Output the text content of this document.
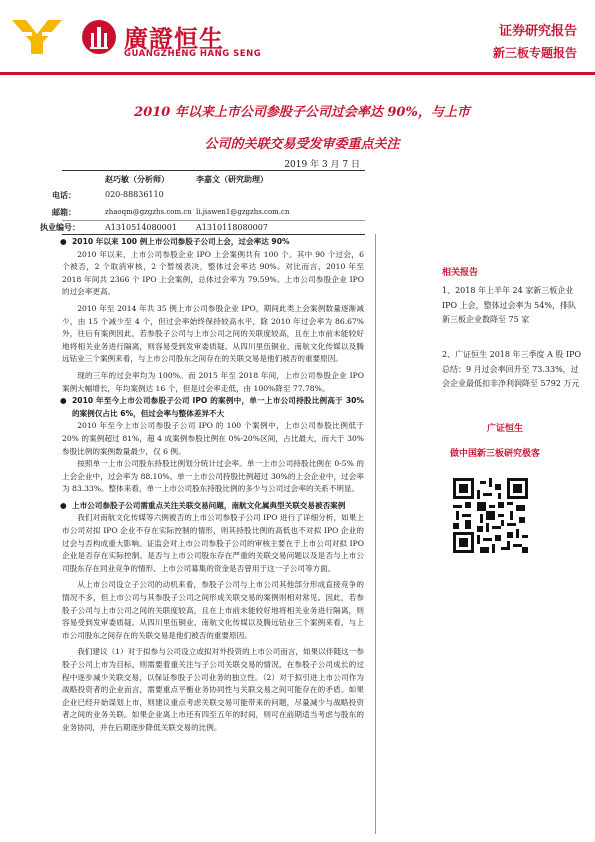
廣證恒生
GUANGZHENG HANG SENG
证券研究报告
新三板专题报告
2010 年以来上市公司参股子公司过会率达 90%，与上市
公司的关联交易受发审委重点关注
2019 年 3 月 7 日
赵巧敏（分析师）	李嘉文（研究助理）
电话：	020-88836110
邮箱：	zhaoqm@gzgzhs.com.cn li.jiawen1@gzgzhs.com.cn
执业编号：	A1310514080001 A1310118080007

● 2010 年以来 100 例上市公司参股子公司上会，过会率达 90%

2010 年以来，上市公司参股企业 IPO 上会案例共有 100 个。其中 90 个过会，6 个被否，2 个取消审核，2 个暂缓表决，整体过会率达 90%。对比而言，2010 年至 2018 年间共 2366 个 IPO 上会案例，总体过会率为 79.59%。上市公司参股企业 IPO 的过会率更高。

2010 年至 2014 年共 35 例上市公司参股企业 IPO，期间此类上会案例数量逐渐减少，由 15 个减少至 4 个，但过会率始终保持较高水平，除 2010 年过会率为 86.67%外，往后有案例因此，若参股子公司与上市公司之间的关联度较高，且在上市前未能较好地将相关业务进行隔离，则容易受到发审委质疑。从四川里伍铜业、南航文化传媒以及腾远钴业三个案例来看，与上市公司股东之间存在的关联交易是他们被否的重要原因。

现的三年的过会率均为 100%。而 2015 年至 2018 年间，上市公司参股企业 IPO 案例大幅增长，年均案例达 16 个，但是过会率走低，由 100%降至 77.78%。

● 2010 年至今上市公司参股子公司 IPO 的案例中，单一上市公司持股比例高于 30% 的案例仅占比 6%，但过会率与整体差异不大

2010 年至今上市公司参股子公司 IPO 的 100 个案例中，上市公司参股比例低于 20% 的案例超过 81%，超 4 成案例参股比例在 0%-20%区间，占比最大，而大于 30%参股比例的案例数量最少，仅 6 例。

按照单一上市公司股东持股比例划分统计过会率。单一上市公司持股比例在 0-5% 的上会企业中，过会率为 88.10%。单一上市公司持股比例超过 30%的上会企业中，过会率为 83.33%。整体来看，单一上市公司股东持股比例的多少与公司过会率的关系不明显。

● 上市公司参股子公司需重点关注关联交易问题，南航文化属典型关联交易被否案例

我们对南航文化传媒等六例被否的上市公司参股子公司 IPO 进行了详细分析，如果上市公司对拟 IPO 企业不存在实际控制的情形，则其持股比例的高低也不对拟 IPO 企业的过会与否构成重大影响。证监会对上市公司参股子公司的审核主要在于上市公司对拟 IPO 企业是否存在实际控制、是否与上市公司股东存在严重的关联交易问题以及是否与上市公司股东存在同业竞争的情形、上市公司募集的资金是否曾用于这一子公司等方面。

从上市公司设立子公司的动机来看，参股子公司与上市公司其他部分形成直接竞争的情况不多，但上市公司与其参股子公司之间形成关联交易的案例则相对常见。因此，若参股子公司与上市公司之间的关联度较高，且在上市前未能较好地将相关业务进行隔离，则容易受到发审委质疑。从四川里伍铜业、南航文化传媒以及腾远钴业三个案例来看，与上市公司股东之间存在的关联交易是他们被否的重要原因。

我们建议（1）对于拟参与公司设立或拟对外投资的上市公司而言，如果以伴随这一参股子公司上市为目标，则需要着重关注与子公司关联交易的情况，在参股子公司成长的过程中逐步减少关联交易，以保证参股子公司业务的独立性。（2）对于拟引进上市公司作为战略投资者的企业而言，需要重点平衡业务协同性与关联交易之间可能存在的矛盾。如果企业已经开始谋划上市，则建议重点考虑关联交易可能带来的问题，尽量减少与战略投资者之间的业务关联。如果企业离上市还有四至五年的时间，则可在前期适当考虑与股东的业务协同，并在后期逐步降低关联交易的比例。

相关报告
1、2018 年上半年 24 家新三板企业 IPO 上会，整体过会率为 54%，排队新三板企业数降至 75 家
2、广证恒生 2018 年三季度 A 股 IPO 总结：9 月过会率回升至 73.33%，过会企业最低扣非净利润降至 5792 万元
广证恒生
做中国新三板研究极客
